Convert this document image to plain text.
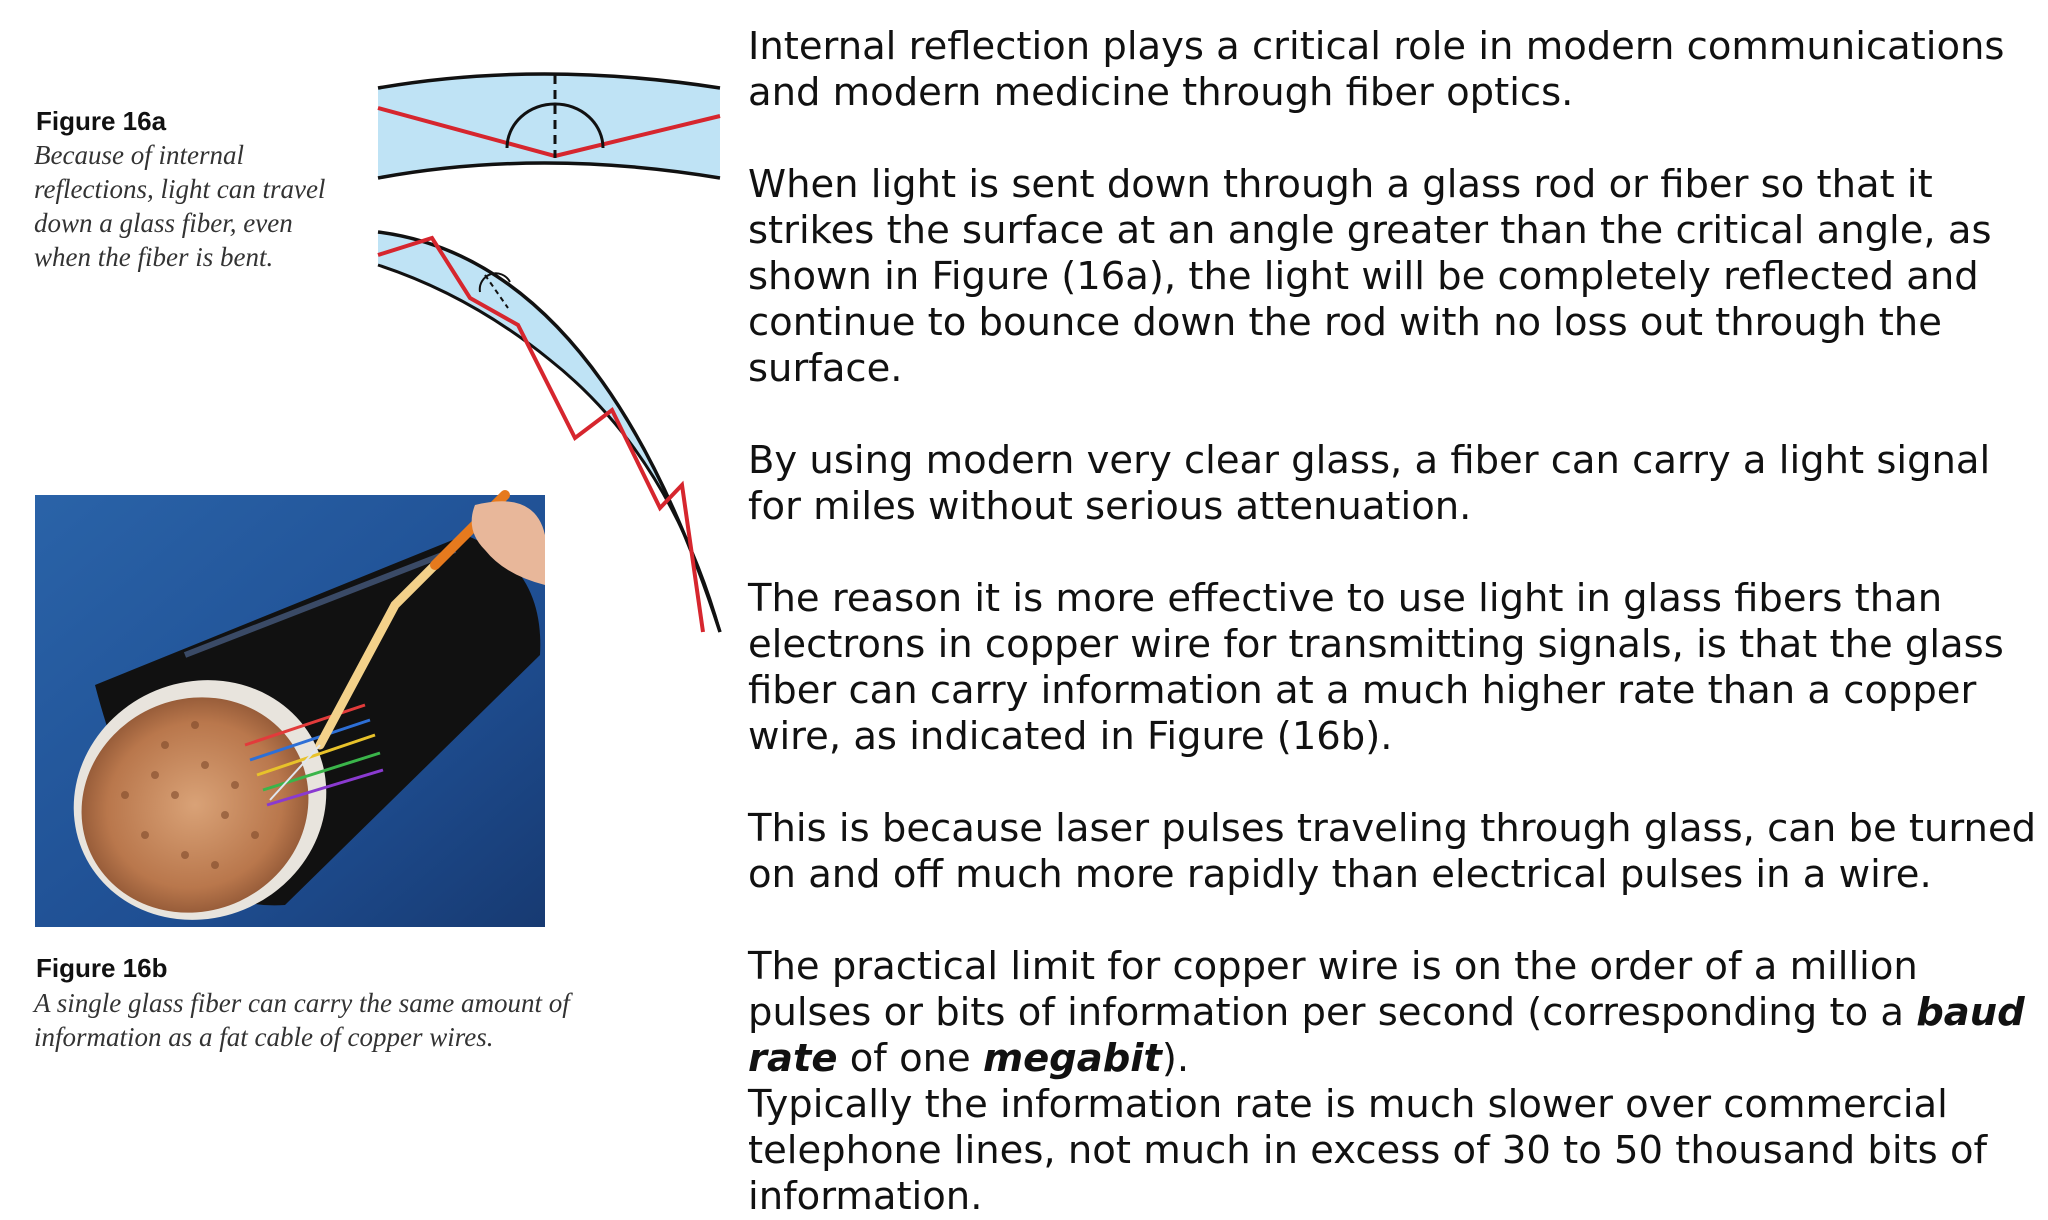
Figure 16a
Because of internal reflections, light can travel down a glass fiber, even when the fiber is bent.
Figure 16b
A single glass fiber can carry the same amount of information as a fat cable of copper wires.

Internal reflection plays a critical role in modern communications and modern medicine through fiber optics.

When light is sent down through a glass rod or fiber so that it strikes the surface at an angle greater than the critical angle, as shown in Figure (16a), the light will be completely reflected and continue to bounce down the rod with no loss out through the surface.

By using modern very clear glass, a fiber can carry a light signal for miles without serious attenuation.

The reason it is more effective to use light in glass fibers than electrons in copper wire for transmitting signals, is that the glass fiber can carry information at a much higher rate than a copper wire, as indicated in Figure (16b).

This is because laser pulses traveling through glass, can be turned on and off much more rapidly than electrical pulses in a wire.

The practical limit for copper wire is on the order of a million pulses or bits of information per second (corresponding to a baud rate of one megabit).

Typically the information rate is much slower over commercial telephone lines, not much in excess of 30 to 50 thousand bits of information.
